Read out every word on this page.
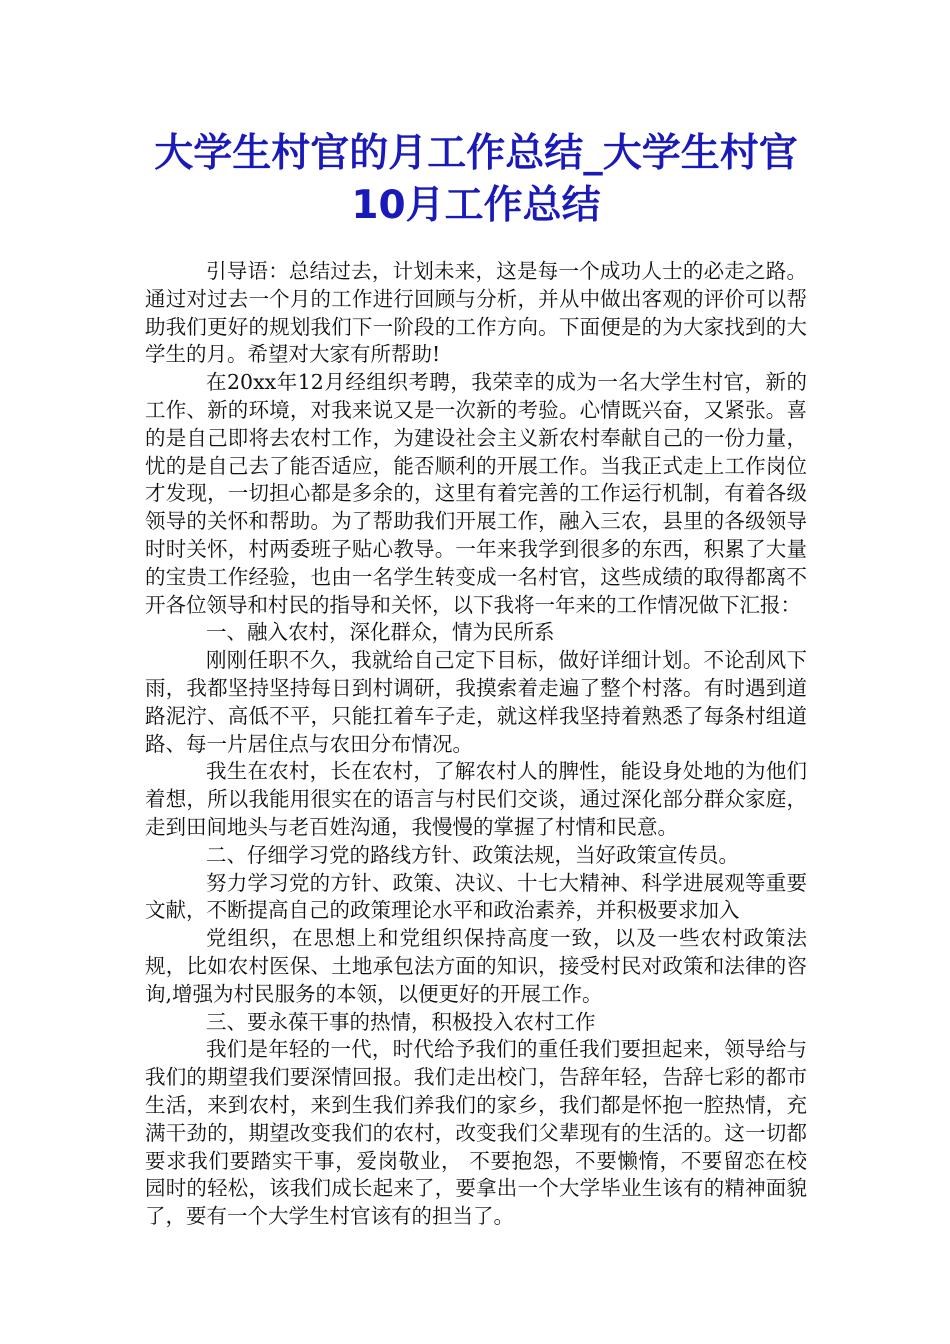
大学生村官的月工作总结_大学生村官10月工作总结

引导语：总结过去，计划未来，这是每一个成功人士的必走之路。通过对过去一个月的工作进行回顾与分析，并从中做出客观的评价可以帮助我们更好的规划我们下一阶段的工作方向。下面便是的为大家找到的大学生的月。希望对大家有所帮助!

在20xx年12月经组织考聘，我荣幸的成为一名大学生村官，新的工作、新的环境，对我来说又是一次新的考验。心情既兴奋，又紧张。喜的是自己即将去农村工作，为建设社会主义新农村奉献自己的一份力量，忧的是自己去了能否适应，能否顺利的开展工作。当我正式走上工作岗位才发现，一切担心都是多余的，这里有着完善的工作运行机制，有着各级领导的关怀和帮助。为了帮助我们开展工作，融入三农，县里的各级领导时时关怀，村两委班子贴心教导。一年来我学到很多的东西，积累了大量的宝贵工作经验，也由一名学生转变成一名村官，这些成绩的取得都离不开各位领导和村民的指导和关怀，以下我将一年来的工作情况做下汇报：

一、融入农村，深化群众，情为民所系

刚刚任职不久，我就给自己定下目标，做好详细计划。不论刮风下雨，我都坚持坚持每日到村调研，我摸索着走遍了整个村落。有时遇到道路泥泞、高低不平，只能扛着车子走，就这样我坚持着熟悉了每条村组道路、每一片居住点与农田分布情况。

我生在农村，长在农村，了解农村人的脾性，能设身处地的为他们着想，所以我能用很实在的语言与村民们交谈，通过深化部分群众家庭，走到田间地头与老百姓沟通，我慢慢的掌握了村情和民意。

二、仔细学习党的路线方针、政策法规，当好政策宣传员。

努力学习党的方针、政策、决议、十七大精神、科学进展观等重要文献，不断提高自己的政策理论水平和政治素养，并积极要求加入

党组织，在思想上和党组织保持高度一致，以及一些农村政策法规，比如农村医保、土地承包法方面的知识，接受村民对政策和法律的咨询,增强为村民服务的本领，以便更好的开展工作。

三、要永葆干事的热情，积极投入农村工作

我们是年轻的一代，时代给予我们的重任我们要担起来，领导给与我们的期望我们要深情回报。我们走出校门，告辞年轻，告辞七彩的都市生活，来到农村，来到生我们养我们的家乡，我们都是怀抱一腔热情，充满干劲的，期望改变我们的农村，改变我们父辈现有的生活的。这一切都要求我们要踏实干事，爱岗敬业， 不要抱怨，不要懒惰，不要留恋在校园时的轻松，该我们成长起来了，要拿出一个大学毕业生该有的精神面貌了，要有一个大学生村官该有的担当了。
